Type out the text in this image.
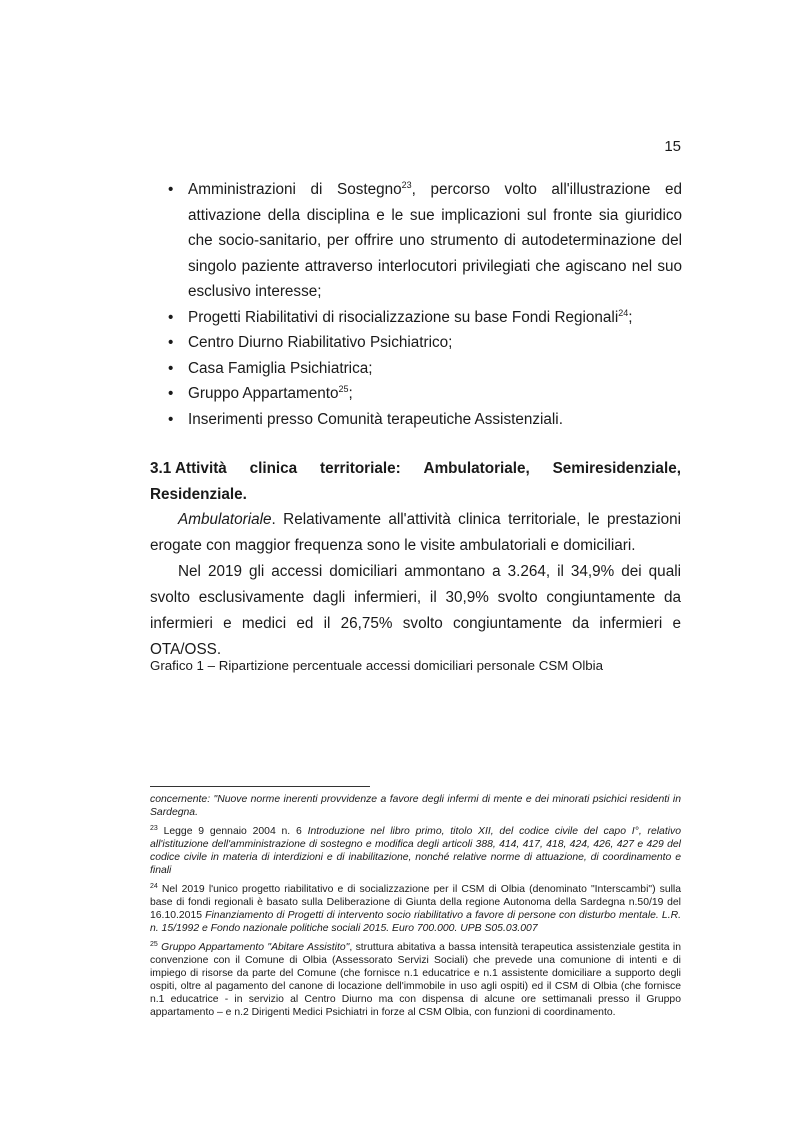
15
• Amministrazioni di Sostegno$^{23}$, percorso volto all'illustrazione ed attivazione della disciplina e le sue implicazioni sul fronte sia giuridico che socio-sanitario, per offrire uno strumento di autodeterminazione del singolo paziente attraverso interlocutori privilegiati che agiscano nel suo esclusivo interesse;
• Progetti Riabilitativi di risocializzazione su base Fondi Regionali$^{24}$;
• Centro Diurno Riabilitativo Psichiatrico;
• Casa Famiglia Psichiatrica;
• Gruppo Appartamento$^{25}$;
• Inserimenti presso Comunità terapeutiche Assistenziali.
3.1 Attività clinica territoriale: Ambulatoriale, Semiresidenziale,
Residenziale.

Ambulatoriale. Relativamente all'attività clinica territoriale, le prestazioni erogate con maggior frequenza sono le visite ambulatoriali e domiciliari.

Nel 2019 gli accessi domiciliari ammontano a 3.264, il 34,9% dei quali svolto esclusivamente dagli infermieri, il 30,9% svolto congiuntamente da infermieri e medici ed il 26,75% svolto congiuntamente da infermieri e OTA/OSS.

Grafico 1 – Ripartizione percentuale accessi domiciliari personale CSM Olbia

concernente: "Nuove norme inerenti provvidenze a favore degli infermi di mente e dei minorati psichici residenti in Sardegna.

$^{23}$ Legge 9 gennaio 2004 n. 6 Introduzione nel libro primo, titolo XII, del codice civile del capo I°, relativo all'istituzione dell'amministrazione di sostegno e modifica degli articoli 388, 414, 417, 418, 424, 426, 427 e 429 del codice civile in materia di interdizioni e di inabilitazione, nonché relative norme di attuazione, di coordinamento e finali

$^{24}$ Nel 2019 l'unico progetto riabilitativo e di socializzazione per il CSM di Olbia (denominato "Interscambi") sulla base di fondi regionali è basato sulla Deliberazione di Giunta della regione Autonoma della Sardegna n.50/19 del 16.10.2015 Finanziamento di Progetti di intervento socio riabilitativo a favore di persone con disturbo mentale. L.R. n. 15/1992 e Fondo nazionale politiche sociali 2015. Euro 700.000. UPB S05.03.007

$^{25}$ Gruppo Appartamento "Abitare Assistito", struttura abitativa a bassa intensità terapeutica assistenziale gestita in convenzione con il Comune di Olbia (Assessorato Servizi Sociali) che prevede una comunione di intenti e di impiego di risorse da parte del Comune (che fornisce n.1 educatrice e n.1 assistente domiciliare a supporto degli ospiti, oltre al pagamento del canone di locazione dell'immobile in uso agli ospiti) ed il CSM di Olbia (che fornisce n.1 educatrice - in servizio al Centro Diurno ma con dispensa di alcune ore settimanali presso il Gruppo appartamento – e n.2 Dirigenti Medici Psichiatri in forze al CSM Olbia, con funzioni di coordinamento.
